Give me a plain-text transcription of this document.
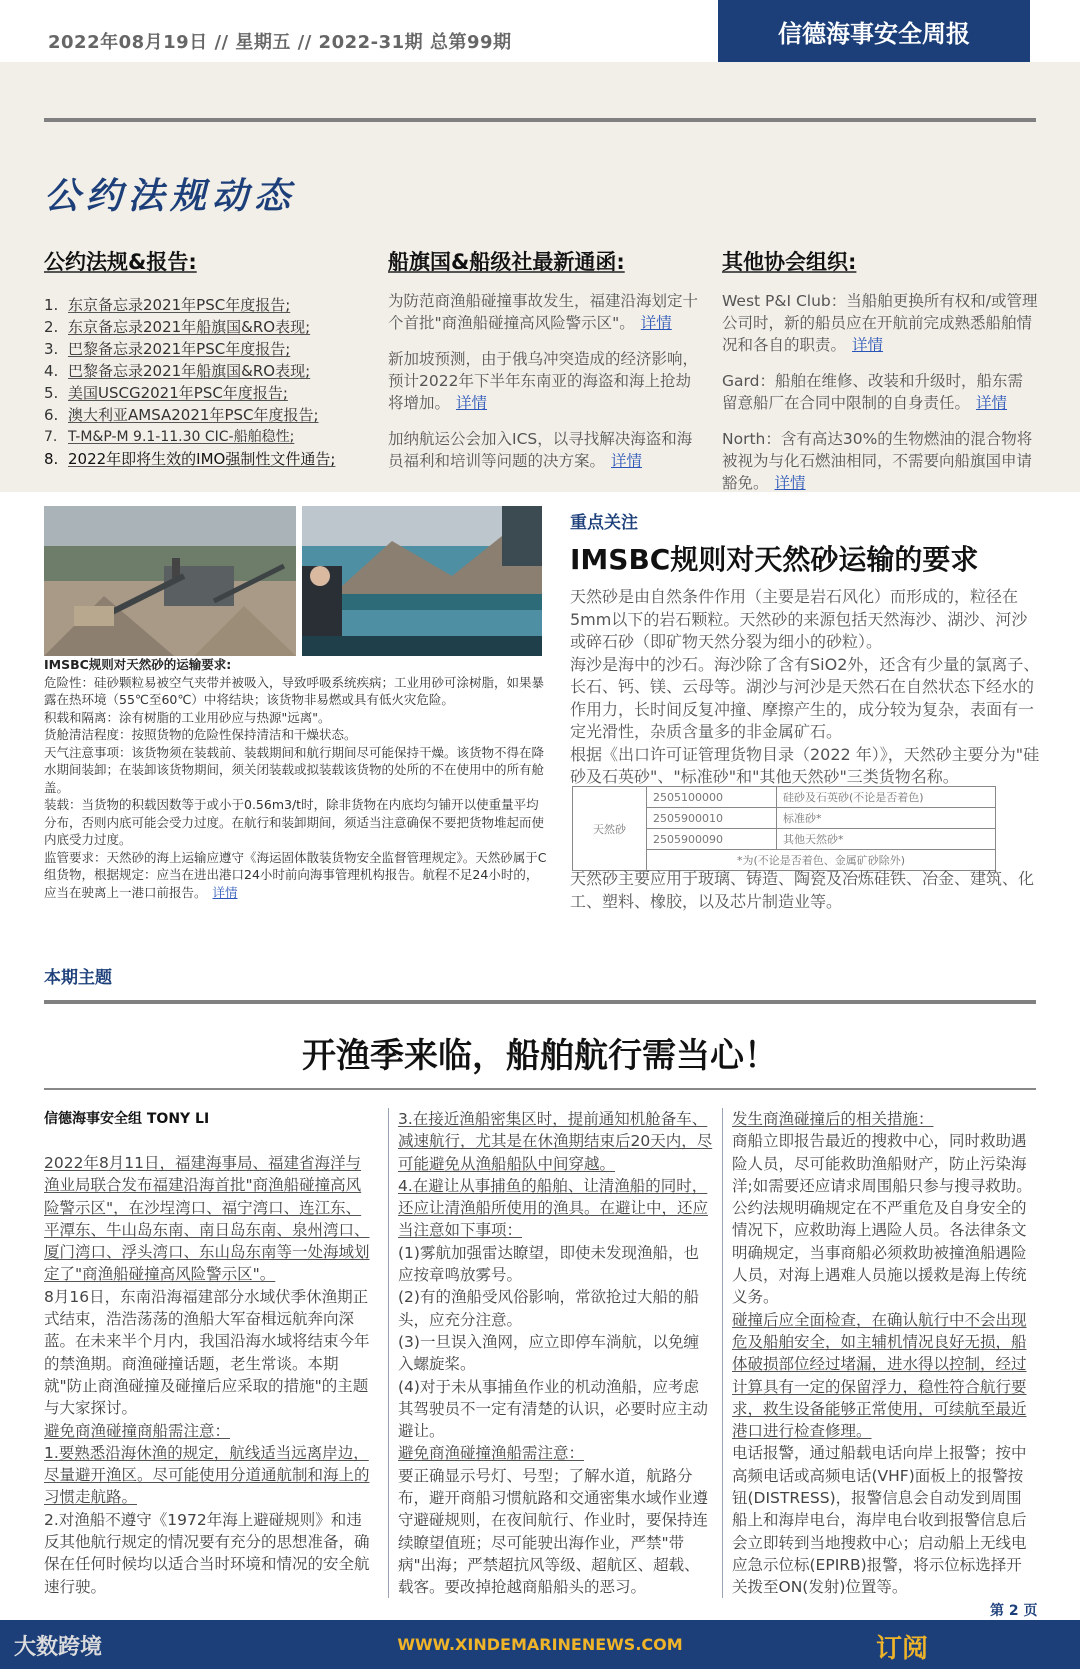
2022年08月19日 // 星期五 // 2022-31期 总第99期	信德海事安全周报
公约法规动态
公约法规&报告:	船旗国&船级社最新通函:	其他协会组织:
1. 东京备忘录2021年PSC年度报告;
2. 东京备忘录2021年船旗国&RO表现;
3. 巴黎备忘录2021年PSC年度报告;
4. 巴黎备忘录2021年船旗国&RO表现;
5. 美国USCG2021年PSC年度报告;
6. 澳大利亚AMSA2021年PSC年度报告;
7. T-M&P-M 9.1-11.30 CIC-船舶稳性;
8. 2022年即将生效的IMO强制性文件通告;

为防范商渔船碰撞事故发生，福建沿海划定十个首批"商渔船碰撞高风险警示区"。 详情

新加坡预测，由于俄乌冲突造成的经济影响，预计2022年下半年东南亚的海盗和海上抢劫将增加。 详情

加纳航运公会加入ICS，以寻找解决海盗和海员福利和培训等问题的决方案。 详情

West P&I Club：当船舶更换所有权和/或管理公司时，新的船员应在开航前完成熟悉船舶情况和各自的职责。 详情

Gard：船舶在维修、改装和升级时，船东需留意船厂在合同中限制的自身责任。 详情

North：含有高达30%的生物燃油的混合物将被视为与化石燃油相同，不需要向船旗国申请豁免。 详情

IMSBC规则对天然砂的运输要求:
危险性：硅砂颗粒易被空气夹带并被吸入，导致呼吸系统疾病；工业用砂可涂树脂，如果暴露在热环境（55℃至60℃）中将结块；该货物非易燃或具有低火灾危险。
积载和隔离：涂有树脂的工业用砂应与热源"远离"。
货舱清洁程度：按照货物的危险性保持清洁和干燥状态。
天气注意事项：该货物须在装载前、装载期间和航行期间尽可能保持干燥。该货物不得在降水期间装卸；在装卸该货物期间，须关闭装载或拟装载该货物的处所的不在使用中的所有舱盖。
装载：当货物的积载因数等于或小于0.56m3/t时，除非货物在内底均匀铺开以使重量平均分布，否则内底可能会受力过度。在航行和装卸期间，须适当注意确保不要把货物堆起而使内底受力过度。
监管要求：天然砂的海上运输应遵守《海运固体散装货物安全监督管理规定》。天然砂属于C组货物，根据规定：应当在进出港口24小时前向海事管理机构报告。航程不足24小时的，应当在驶离上一港口前报告。 详情
重点关注
IMSBC规则对天然砂运输的要求
天然砂是由自然条件作用（主要是岩石风化）而形成的，粒径在5mm以下的岩石颗粒。天然砂的来源包括天然海沙、湖沙、河沙或碎石砂（即矿物天然分裂为细小的砂粒）。
海沙是海中的沙石。海沙除了含有SiO2外，还含有少量的氯离子、长石、钙、镁、云母等。湖沙与河沙是天然石在自然状态下经水的作用力，长时间反复冲撞、摩擦产生的，成分较为复杂，表面有一定光滑性，杂质含量多的非金属矿石。
根据《出口许可证管理货物目录（2022 年）》，天然砂主要分为"硅砂及石英砂"、"标准砂"和"其他天然砂"三类货物名称。
天然砂	2505100000	硅砂及石英砂(不论是否着色)
	2505900010	标准砂*
	2505900090	其他天然砂*
	*为(不论是否着色、金属矿砂除外)	
天然砂主要应用于玻璃、铸造、陶瓷及冶炼硅铁、冶金、建筑、化工、塑料、橡胶，以及芯片制造业等。
本期主题
开渔季来临，船舶航行需当心！
信德海事安全组 TONY LI

2022年8月11日，福建海事局、福建省海洋与渔业局联合发布福建沿海首批"商渔船碰撞高风险警示区"，在沙埕湾口、福宁湾口、连江东、平潭东、牛山岛东南、南日岛东南、泉州湾口、厦门湾口、浮头湾口、东山岛东南等一处海域划定了"商渔船碰撞高风险警示区"。

8月16日，东南沿海福建部分水域伏季休渔期正式结束，浩浩荡荡的渔船大军奋楫远航奔向深蓝。在未来半个月内，我国沿海水域将结束今年的禁渔期。商渔碰撞话题，老生常谈。本期就"防止商渔碰撞及碰撞后应采取的措施"的主题与大家探讨。

避免商渔碰撞商船需注意：

1.要熟悉沿海休渔的规定，航线适当远离岸边，尽量避开渔区。尽可能使用分道通航制和海上的习惯走航路。

2.对渔船不遵守《1972年海上避碰规则》和违反其他航行规定的情况要有充分的思想准备，确保在任何时候均以适合当时环境和情况的安全航速行驶。

3.在接近渔船密集区时，提前通知机舱备车、减速航行，尤其是在休渔期结束后20天内，尽可能避免从渔船船队中间穿越。

4.在避让从事捕鱼的船舶、让清渔船的同时，还应让清渔船所使用的渔具。在避让中，还应当注意如下事项：

(1)雾航加强雷达瞭望，即使未发现渔船，也应按章鸣放雾号。

(2)有的渔船受风俗影响，常欲抢过大船的船头，应充分注意。

(3)一旦误入渔网，应立即停车淌航，以免缠入螺旋桨。

(4)对于未从事捕鱼作业的机动渔船，应考虑其驾驶员不一定有清楚的认识，必要时应主动避让。

避免商渔碰撞渔船需注意：

要正确显示号灯、号型；了解水道，航路分布，避开商船习惯航路和交通密集水域作业遵守避碰规则，在夜间航行、作业时，要保持连续瞭望值班；尽可能驶出海作业，严禁"带病"出海；严禁超抗风等级、超航区、超载、载客。要改掉抢越商船船头的恶习。

发生商渔碰撞后的相关措施：

商船立即报告最近的搜救中心，同时救助遇险人员，尽可能救助渔船财产，防止污染海洋;如需要还应请求周围船只参与搜寻救助。公约法规明确规定在不严重危及自身安全的情况下，应救助海上遇险人员。各法律条文明确规定，当事商船必须救助被撞渔船遇险人员，对海上遇难人员施以援救是海上传统义务。

碰撞后应全面检查，在确认航行中不会出现危及船舶安全，如主辅机情况良好无损，船体破损部位经过堵漏，进水得以控制，经过计算具有一定的保留浮力，稳性符合航行要求，救生设备能够正常使用，可续航至最近港口进行检查修理。

电话报警，通过船载电话向岸上报警；按中高频电话或高频电话(VHF)面板上的报警按钮(DISTRESS)，报警信息会自动发到周围船上和海岸电台，海岸电台收到报警信息后会立即转到当地搜救中心；启动船上无线电应急示位标(EPIRB)报警，将示位标选择开关拨至ON(发射)位置等。

第 2 页
大数跨境	WWW.XINDEMARINENEWS.COM	订阅
